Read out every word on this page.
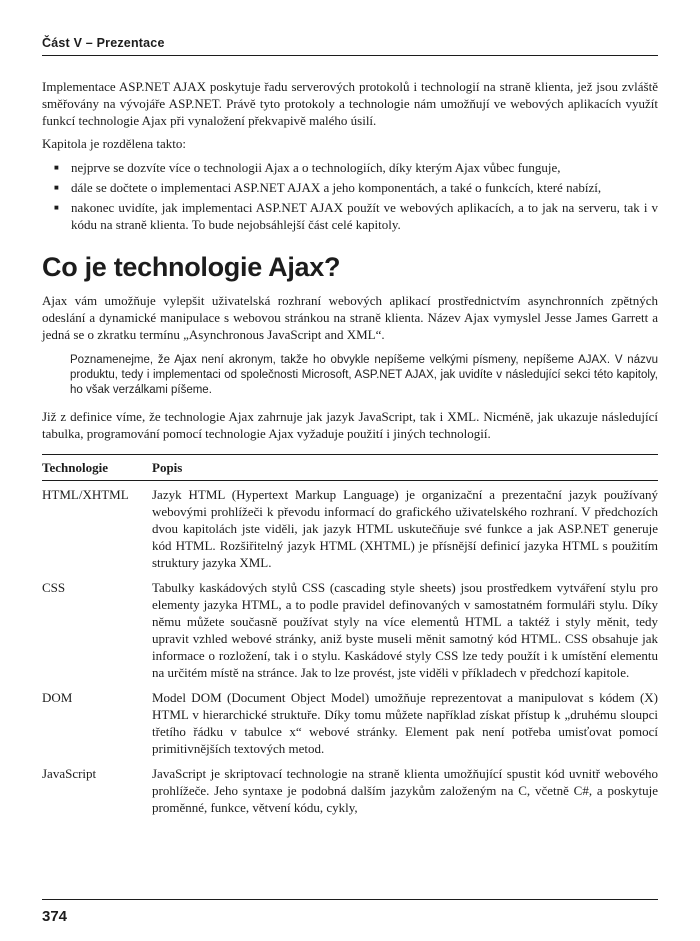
Část V – Prezentace

Implementace ASP.NET AJAX poskytuje řadu serverových protokolů i technologií na straně klienta, jež jsou zvláště směřovány na vývojáře ASP.NET. Právě tyto protokoly a technologie nám umožňují ve webových aplikacích využít funkcí technologie Ajax při vynaložení překvapivě malého úsilí.

Kapitola je rozdělena takto:

■ nejprve se dozvíte více o technologii Ajax a o technologiích, díky kterým Ajax vůbec funguje,
■ dále se dočtete o implementaci ASP.NET AJAX a jeho komponentách, a také o funkcích, které nabízí,
■ nakonec uvidíte, jak implementaci ASP.NET AJAX použít ve webových aplikacích, a to jak na serveru, tak i v kódu na straně klienta. To bude nejobsáhlejší část celé kapitoly.
Co je technologie Ajax?

Ajax vám umožňuje vylepšit uživatelská rozhraní webových aplikací prostřednictvím asynchronních zpětných odeslání a dynamické manipulace s webovou stránkou na straně klienta. Název Ajax vymyslel Jesse James Garrett a jedná se o zkratku termínu „Asynchronous JavaScript and XML“.

Poznamenejme, že Ajax není akronym, takže ho obvykle nepíšeme velkými písmeny, nepíšeme AJAX. V názvu produktu, tedy i implementaci od společnosti Microsoft, ASP.NET AJAX, jak uvidíte v následující sekci této kapitoly, ho však verzálkami píšeme.

Již z definice víme, že technologie Ajax zahrnuje jak jazyk JavaScript, tak i XML. Nicméně, jak ukazuje následující tabulka, programování pomocí technologie Ajax vyžaduje použití i jiných technologií.

Technologie	Popis
HTML/XHTML	Jazyk HTML (Hypertext Markup Language) je organizační a prezentační jazyk používaný webovými prohlížeči k převodu informací do grafického uživatelského rozhraní. V předchozích dvou kapitolách jste viděli, jak jazyk HTML uskutečňuje své funkce a jak ASP.NET generuje kód HTML. Rozšiřitelný jazyk HTML (XHTML) je přísnější definicí jazyka HTML s použitím struktury jazyka XML.
CSS	Tabulky kaskádových stylů CSS (cascading style sheets) jsou prostředkem vytváření stylu pro elementy jazyka HTML, a to podle pravidel definovaných v samostatném formuláři stylu. Díky němu můžete současně používat styly na více elementů HTML a taktéž i styly měnit, tedy upravit vzhled webové stránky, aniž byste museli měnit samotný kód HTML. CSS obsahuje jak informace o rozložení, tak i o stylu. Kaskádové styly CSS lze tedy použít i k umístění elementu na určitém místě na stránce. Jak to lze provést, jste viděli v příkladech v předchozí kapitole.
DOM	Model DOM (Document Object Model) umožňuje reprezentovat a manipulovat s kódem (X) HTML v hierarchické struktuře. Díky tomu můžete například získat přístup k „druhému sloupci třetího řádku v tabulce x“ webové stránky. Element pak není potřeba umisťovat pomocí primitivnějších textových metod.
JavaScript	JavaScript je skriptovací technologie na straně klienta umožňující spustit kód uvnitř webového prohlížeče. Jeho syntaxe je podobná dalším jazykům založeným na C, včetně C#, a poskytuje proměnné, funkce, větvení kódu, cykly,
374
